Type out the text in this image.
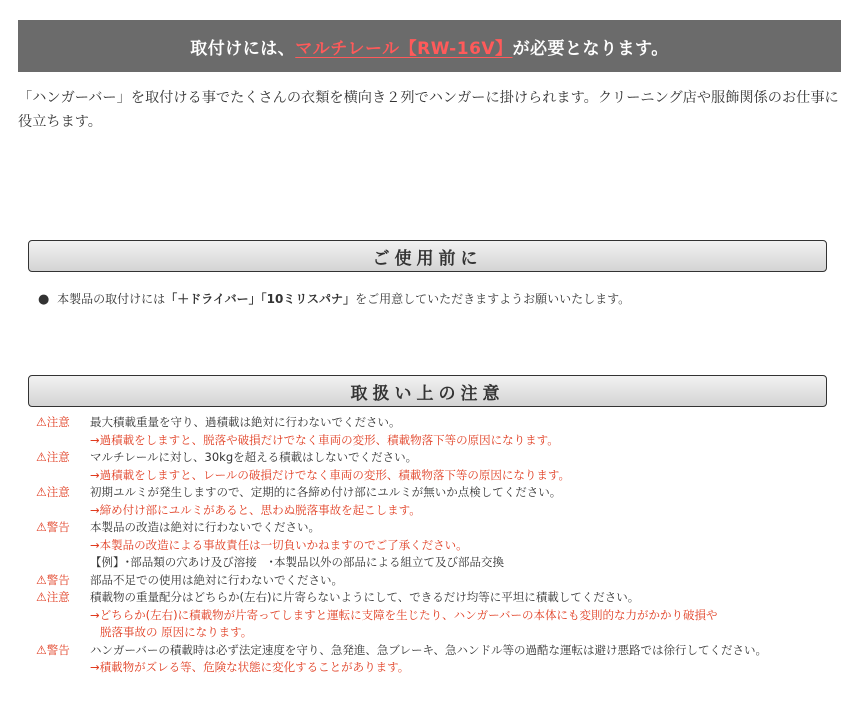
取付けには、 マルチレール【RW-16V】 が必要となります。
「ハンガーバー」を取付ける事でたくさんの衣類を横向き２列でハンガーに掛けられます。クリーニング店や服飾関係のお仕事に役立ちます。
ご使用前に
● 本製品の取付けには「＋ドライバー」「10ミリスパナ」をご用意していただきますようお願いいたします。
取扱い上の注意
⚠注意	最大積載重量を守り、過積載は絶対に行わないでください。
→過積載をしますと、脱落や破損だけでなく車両の変形、積載物落下等の原因になります。
⚠注意	マルチレールに対し、30kgを超える積載はしないでください。
→過積載をしますと、レールの破損だけでなく車両の変形、積載物落下等の原因になります。
⚠注意	初期ユルミが発生しますので、定期的に各締め付け部にユルミが無いか点検してください。
→締め付け部にユルミがあると、思わぬ脱落事故を起こします。
⚠警告	本製品の改造は絶対に行わないでください。
→本製品の改造による事故責任は一切負いかねますのでご了承ください。
【例】･部品類の穴あけ及び溶接　･本製品以外の部品による組立て及び部品交換
⚠警告	部品不足での使用は絶対に行わないでください。
⚠注意	積載物の重量配分はどちらか(左右)に片寄らないようにして、できるだけ均等に平坦に積載してください。
→どちらか(左右)に積載物が片寄ってしますと運転に支障を生じたり、ハンガーバーの本体にも変則的な力がかかり破損や
脱落事故の 原因になります。
⚠警告	ハンガーバーの積載時は必ず法定速度を守り、急発進、急ブレーキ、急ハンドル等の過酷な運転は避け悪路では徐行してください。
→積載物がズレる等、危険な状態に変化することがあります。
